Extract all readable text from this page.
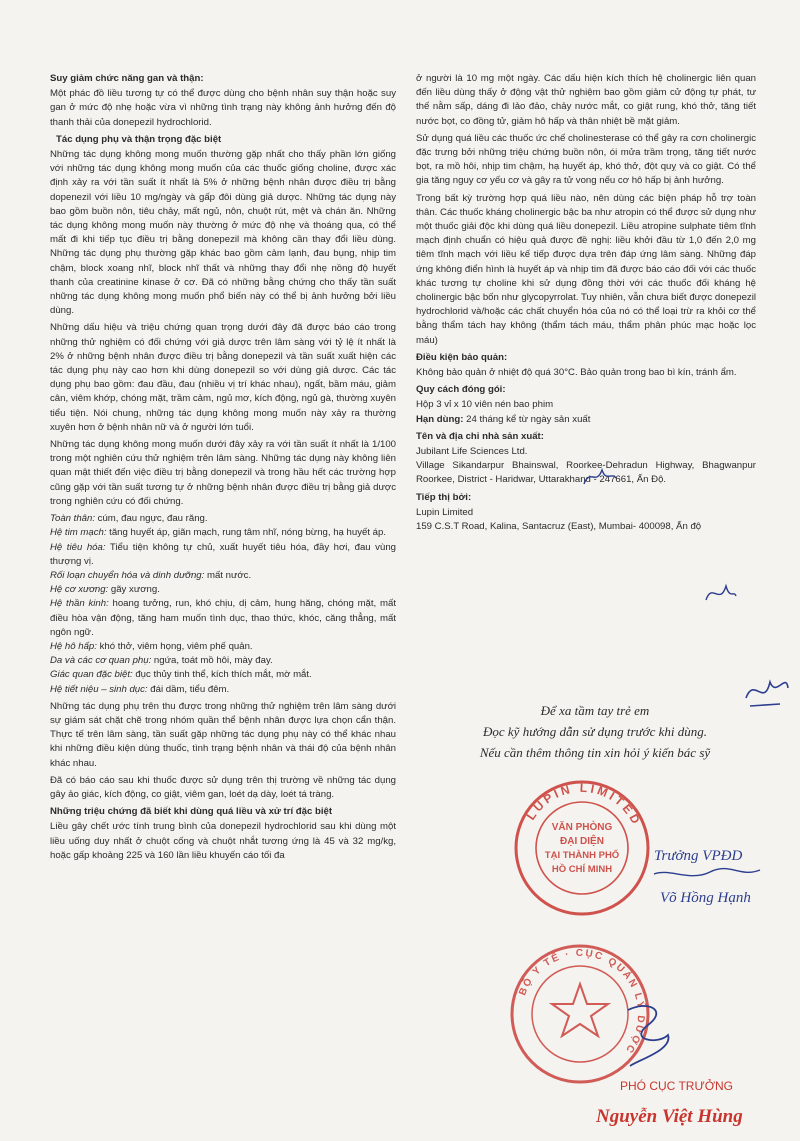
Suy giảm chức năng gan và thận:

Một phác đồ liều tương tự có thể được dùng cho bệnh nhân suy thận hoặc suy gan ở mức độ nhẹ hoặc vừa vì những tình trạng này không ảnh hưởng đến độ thanh thải của donepezil hydrochlorid.

Tác dụng phụ và thận trọng đặc biệt

Những tác dụng không mong muốn thường gặp nhất cho thấy phần lớn giống với những tác dụng không mong muốn của các thuốc giống choline, được xác định xảy ra với tần suất ít nhất là 5% ở những bệnh nhân được điều trị bằng dopenezil với liều 10 mg/ngày và gấp đôi dùng giả dược. Những tác dụng này bao gồm buồn nôn, tiêu chảy, mất ngủ, nôn, chuột rút, mệt và chán ăn. Những tác dụng không mong muốn này thường ở mức độ nhẹ và thoáng qua, có thể mất đi khi tiếp tục điều trị bằng donepezil mà không cần thay đổi liều dùng. Những tác dụng phụ thường gặp khác bao gồm cảm lạnh, đau bụng, nhịp tim chậm, block xoang nhĩ, block nhĩ thất và những thay đổi nhẹ nồng độ huyết thanh của creatinine kinase ở cơ. Đã có những bằng chứng cho thấy tần suất những tác dụng không mong muốn phổ biến này có thể bị ảnh hưởng bởi liều dùng.

Những dấu hiệu và triệu chứng quan trọng dưới đây đã được báo cáo trong những thử nghiệm có đối chứng với giả dược trên lâm sàng với tỷ lệ ít nhất là 2% ở những bệnh nhân được điều trị bằng donepezil và tần suất xuất hiện các tác dụng phụ này cao hơn khi dùng donepezil so với dùng giả dược. Các tác dụng phụ bao gồm: đau đầu, đau (nhiều vị trí khác nhau), ngất, bầm máu, giảm cân, viêm khớp, chóng mặt, trầm cảm, ngủ mơ, kích động, ngủ gà, thường xuyên tiểu tiện. Nói chung, những tác dụng không mong muốn này xảy ra thường xuyên hơn ở bệnh nhân nữ và ở người lớn tuổi.

Những tác dụng không mong muốn dưới đây xảy ra với tần suất ít nhất là 1/100 trong một nghiên cứu thử nghiệm trên lâm sàng. Những tác dụng này không liên quan mật thiết đến việc điều trị bằng donepezil và trong hầu hết các trường hợp cũng gặp với tần suất tương tự ở những bệnh nhân được điều trị bằng giả dược trong nghiên cứu có đối chứng.

Toàn thân: cúm, đau ngực, đau răng.

Hệ tim mạch: tăng huyết áp, giãn mạch, rung tâm nhĩ, nóng bừng, hạ huyết áp.

Hệ tiêu hóa: Tiểu tiện không tự chủ, xuất huyết tiêu hóa, đầy hơi, đau vùng thượng vị.

Rối loạn chuyển hóa và dinh dưỡng: mất nước.

Hệ cơ xương: gãy xương.

Hệ thần kinh: hoang tưởng, run, khó chịu, dị cảm, hung hăng, chóng mặt, mất điều hòa vận động, tăng ham muốn tình dục, thao thức, khóc, căng thẳng, mất ngôn ngữ.

Hệ hô hấp: khó thở, viêm họng, viêm phế quản.

Da và các cơ quan phụ: ngứa, toát mồ hôi, mày đay.

Giác quan đặc biệt: đục thủy tinh thể, kích thích mắt, mờ mắt.

Hệ tiết niệu – sinh dục: đái dầm, tiểu đêm.

Những tác dụng phụ trên thu được trong những thử nghiệm trên lâm sàng dưới sự giám sát chặt chẽ trong nhóm quần thể bệnh nhân được lựa chọn cẩn thận. Thực tế trên lâm sàng, tần suất gặp những tác dụng phụ này có thể khác nhau khi những điều kiện dùng thuốc, tình trạng bệnh nhân và thái độ của bệnh nhân khác nhau.

Đã có báo cáo sau khi thuốc được sử dụng trên thị trường về những tác dụng gây ảo giác, kích động, co giật, viêm gan, loét dạ dày, loét tá tràng.

Những triệu chứng đã biết khi dùng quá liều và xử trí đặc biệt

Liều gây chết ước tính trung bình của donepezil hydrochlorid sau khi dùng một liều uống duy nhất ở chuột cống và chuột nhắt tương ứng là 45 và 32 mg/kg, hoặc gấp khoảng 225 và 160 lần liều khuyến cáo tối đa

ở người là 10 mg một ngày. Các dấu hiện kích thích hệ cholinergic liên quan đến liều dùng thấy ở động vật thử nghiệm bao gồm giảm cử động tự phát, tư thế nằm sấp, dáng đi lảo đảo, chảy nước mắt, co giật rung, khó thở, tăng tiết nước bọt, co đồng tử, giảm hô hấp và thân nhiệt bề mặt giảm.

Sử dụng quá liều các thuốc ức chế cholinesterase có thể gây ra cơn cholinergic đặc trưng bởi những triệu chứng buồn nôn, ói mửa trầm trọng, tăng tiết nước bọt, ra mồ hôi, nhịp tim chậm, hạ huyết áp, khó thở, đột quỵ và co giật. Có thể gia tăng nguy cơ yếu cơ và gây ra tử vong nếu cơ hô hấp bị ảnh hưởng.

Trong bất kỳ trường hợp quá liều nào, nên dùng các biện pháp hỗ trợ toàn thân. Các thuốc kháng cholinergic bậc ba như atropin có thể được sử dụng như một thuốc giải độc khi dùng quá liều donepezil. Liều atropine sulphate tiêm tĩnh mạch định chuẩn có hiệu quả được đề nghị: liều khởi đầu từ 1,0 đến 2,0 mg tiêm tĩnh mạch với liều kế tiếp được dựa trên đáp ứng lâm sàng. Những đáp ứng không điển hình là huyết áp và nhịp tim đã được báo cáo đối với các thuốc khác tương tự choline khi sử dụng đồng thời với các thuốc đối kháng hệ cholinergic bậc bốn như glycopyrrolat. Tuy nhiên, vẫn chưa biết được donepezil hydrochlorid và/hoặc các chất chuyển hóa của nó có thể loại trừ ra khỏi cơ thể bằng thẩm tách hay không (thẩm tách máu, thẩm phân phúc mạc hoặc lọc máu)

Điều kiện bảo quản:

Không bảo quản ở nhiệt độ quá 30°C. Bảo quản trong bao bì kín, tránh ẩm.

Quy cách đóng gói:

Hộp 3 vỉ x 10 viên nén bao phim

Hạn dùng: 24 tháng kể từ ngày sản xuất

Tên và địa chỉ nhà sản xuất:

Jubilant Life Sciences Ltd.

Village Sikandarpur Bhainswal, Roorkee-Dehradun Highway, Bhagwanpur Roorkee, District - Haridwar, Uttarakhand - 247661, Ấn Độ.

Tiếp thị bởi:

Lupin Limited

159 C.S.T Road, Kalina, Santacruz (East), Mumbai- 400098, Ấn độ

Để xa tầm tay trẻ em
Đọc kỹ hướng dẫn sử dụng trước khi dùng.
Nếu cần thêm thông tin xin hỏi ý kiến bác sỹ
LUPIN LIMITED
VĂN PHÒNG
ĐẠI DIỆN
TẠI THÀNH PHỐ
HỒ CHÍ MINH
Trưởng VPĐD
Võ Hồng Hạnh
BỘ Y TẾ · CỤC QUẢN LÝ DƯỢC
PHÓ CỤC TRƯỞNG
Nguyễn Việt Hùng
